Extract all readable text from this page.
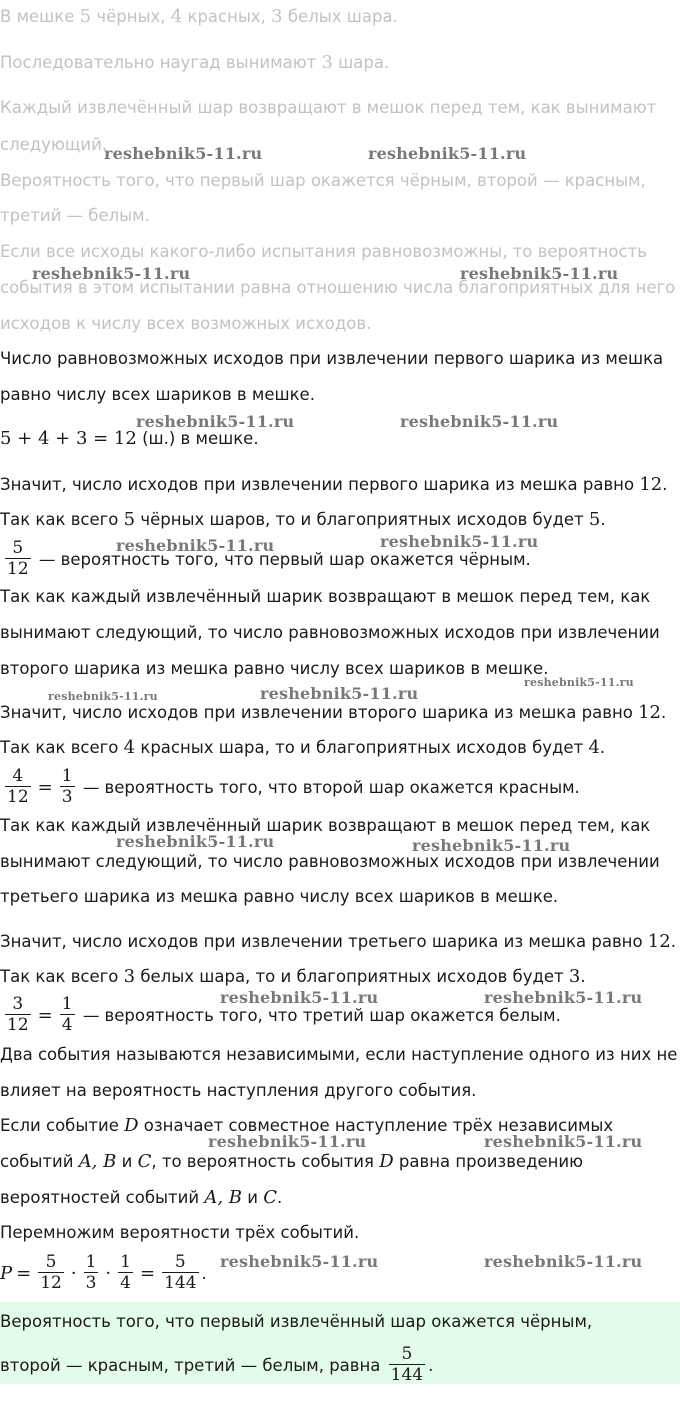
В мешке 5 чёрных, 4 красных, 3 белых шара.
Последовательно наугад вынимают 3 шара.
Каждый извлечённый шар возвращают в мешок перед тем, как вынимают
следующий.
Вероятность того, что первый шар окажется чёрным, второй — красным,
третий — белым.
Если все исходы какого-либо испытания равновозможны, то вероятность
события в этом испытании равна отношению числа благоприятных для него
исходов к числу всех возможных исходов.
Число равновозможных исходов при извлечении первого шарика из мешка
равно числу всех шариков в мешке.
5 + 4 + 3 = 12 (ш.) в мешке.
Значит, число исходов при извлечении первого шарика из мешка равно 12.
Так как всего 5 чёрных шаров, то и благоприятных исходов будет 5.
$\frac{5}{12}$ — вероятность того, что первый шар окажется чёрным.
Так как каждый извлечённый шарик возвращают в мешок перед тем, как
вынимают следующий, то число равновозможных исходов при извлечении
второго шарика из мешка равно числу всех шариков в мешке.
Значит, число исходов при извлечении второго шарика из мешка равно 12.
Так как всего 4 красных шара, то и благоприятных исходов будет 4.
$\frac{4}{12} = \frac{1}{3}$ — вероятность того, что второй шар окажется красным.
Так как каждый извлечённый шарик возвращают в мешок перед тем, как
вынимают следующий, то число равновозможных исходов при извлечении
третьего шарика из мешка равно числу всех шариков в мешке.
Значит, число исходов при извлечении третьего шарика из мешка равно 12.
Так как всего 3 белых шара, то и благоприятных исходов будет 3.
$\frac{3}{12} = \frac{1}{4}$ — вероятность того, что третий шар окажется белым.
Два события называются независимыми, если наступление одного из них не
влияет на вероятность наступления другого события.
Если событие D означает совместное наступление трёх независимых
событий A, B и C, то вероятность события D равна произведению
вероятностей событий A, B и C.
Перемножим вероятности трёх событий.
$P = \frac{5}{12} \cdot \frac{1}{3} \cdot \frac{1}{4} = \frac{5}{144}$ .
Вероятность того, что первый извлечённый шар окажется чёрным,
второй — красным, третий — белым, равна $\frac{5}{144}$ .
reshebnik5-11.ru	reshebnik5-11.ru
reshebnik5-11.ru	reshebnik5-11.ru
reshebnik5-11.ru	reshebnik5-11.ru
reshebnik5-11.ru	reshebnik5-11.ru
reshebnik5-11.ru	reshebnik5-11.ru
reshebnik5-11.ru
reshebnik5-11.ru	reshebnik5-11.ru
reshebnik5-11.ru	reshebnik5-11.ru
reshebnik5-11.ru	reshebnik5-11.ru
reshebnik5-11.ru	reshebnik5-11.ru
